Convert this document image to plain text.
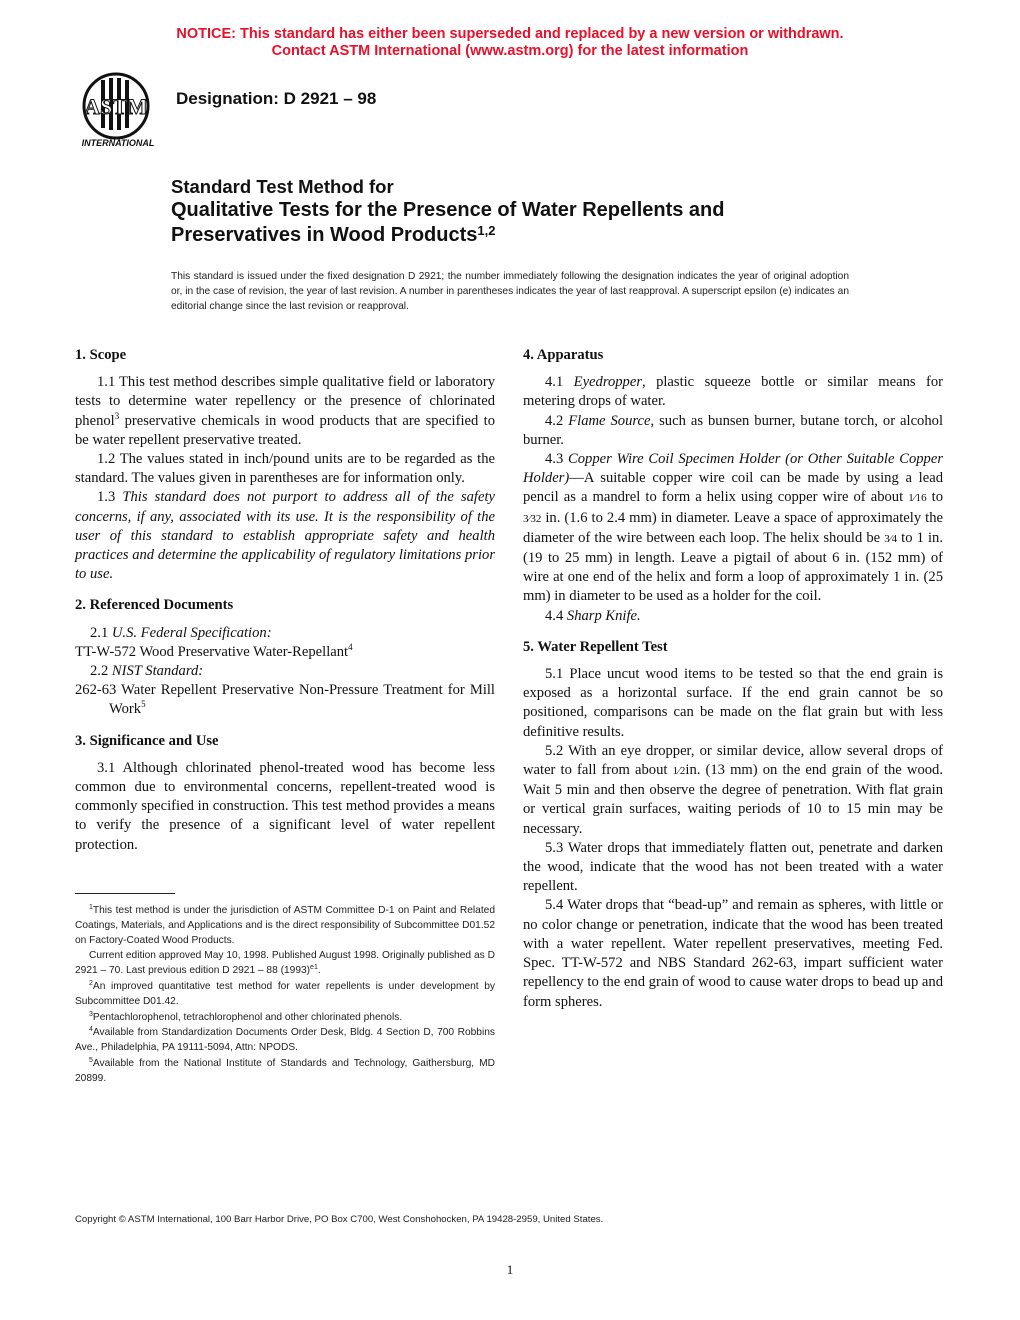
NOTICE: This standard has either been superseded and replaced by a new version or withdrawn.
Contact ASTM International (www.astm.org) for the latest information
ASTM
INTERNATIONAL
Designation: D 2921 – 98
Standard Test Method for
Qualitative Tests for the Presence of Water Repellents and
Preservatives in Wood Products$^{1,2}$
This standard is issued under the fixed designation D 2921; the number immediately following the designation indicates the year of original adoption or, in the case of revision, the year of last revision. A number in parentheses indicates the year of last reapproval. A superscript epsilon (e) indicates an editorial change since the last revision or reapproval.
1. Scope

1.1 This test method describes simple qualitative field or laboratory tests to determine water repellency or the presence of chlorinated phenol$^3$ preservative chemicals in wood products that are specified to be water repellent preservative treated.

1.2 The values stated in inch/pound units are to be regarded as the standard. The values given in parentheses are for information only.

1.3 This standard does not purport to address all of the safety concerns, if any, associated with its use. It is the responsibility of the user of this standard to establish appropriate safety and health practices and determine the applicability of regulatory limitations prior to use.

2. Referenced Documents

2.1 U.S. Federal Specification:

TT-W-572 Wood Preservative Water-Repellant$^4$

2.2 NIST Standard:

262-63 Water Repellent Preservative Non-Pressure Treatment for Mill Work$^5$

3. Significance and Use

3.1 Although chlorinated phenol-treated wood has become less common due to environmental concerns, repellent-treated wood is commonly specified in construction. This test method provides a means to verify the presence of a significant level of water repellent protection.

4. Apparatus

4.1 Eyedropper, plastic squeeze bottle or similar means for metering drops of water.

4.2 Flame Source, such as bunsen burner, butane torch, or alcohol burner.

4.3 Copper Wire Coil Specimen Holder (or Other Suitable Copper Holder)—A suitable copper wire coil can be made by using a lead pencil as a mandrel to form a helix using copper wire of about 1⁄16 to 3⁄32 in. (1.6 to 2.4 mm) in diameter. Leave a space of approximately the diameter of the wire between each loop. The helix should be 3⁄4 to 1 in. (19 to 25 mm) in length. Leave a pigtail of about 6 in. (152 mm) of wire at one end of the helix and form a loop of approximately 1 in. (25 mm) in diameter to be used as a holder for the coil.

4.4 Sharp Knife.

5. Water Repellent Test

5.1 Place uncut wood items to be tested so that the end grain is exposed as a horizontal surface. If the end grain cannot be so positioned, comparisons can be made on the flat grain but with less definitive results.

5.2 With an eye dropper, or similar device, allow several drops of water to fall from about 1⁄2in. (13 mm) on the end grain of the wood. Wait 5 min and then observe the degree of penetration. With flat grain or vertical grain surfaces, waiting periods of 10 to 15 min may be necessary.

5.3 Water drops that immediately flatten out, penetrate and darken the wood, indicate that the wood has not been treated with a water repellent.

5.4 Water drops that “bead-up” and remain as spheres, with little or no color change or penetration, indicate that the wood has been treated with a water repellent. Water repellent preservatives, meeting Fed. Spec. TT-W-572 and NBS Standard 262-63, impart sufficient water repellency to the end grain of wood to cause water drops to bead up and form spheres.

$^1$This test method is under the jurisdiction of ASTM Committee D-1 on Paint and Related Coatings, Materials, and Applications and is the direct responsibility of Subcommittee D01.52 on Factory-Coated Wood Products.

Current edition approved May 10, 1998. Published August 1998. Originally published as D 2921 – 70. Last previous edition D 2921 – 88 $(1993)^{e1}$.

$^2$An improved quantitative test method for water repellents is under development by Subcommittee D01.42.

$^3$Pentachlorophenol, tetrachlorophenol and other chlorinated phenols.

$^4$Available from Standardization Documents Order Desk, Bldg. 4 Section D, 700 Robbins Ave., Philadelphia, PA 19111-5094, Attn: NPODS.

$^5$Available from the National Institute of Standards and Technology, Gaithersburg, MD 20899.

Copyright © ASTM International, 100 Barr Harbor Drive, PO Box C700, West Conshohocken, PA 19428-2959, United States.
1
